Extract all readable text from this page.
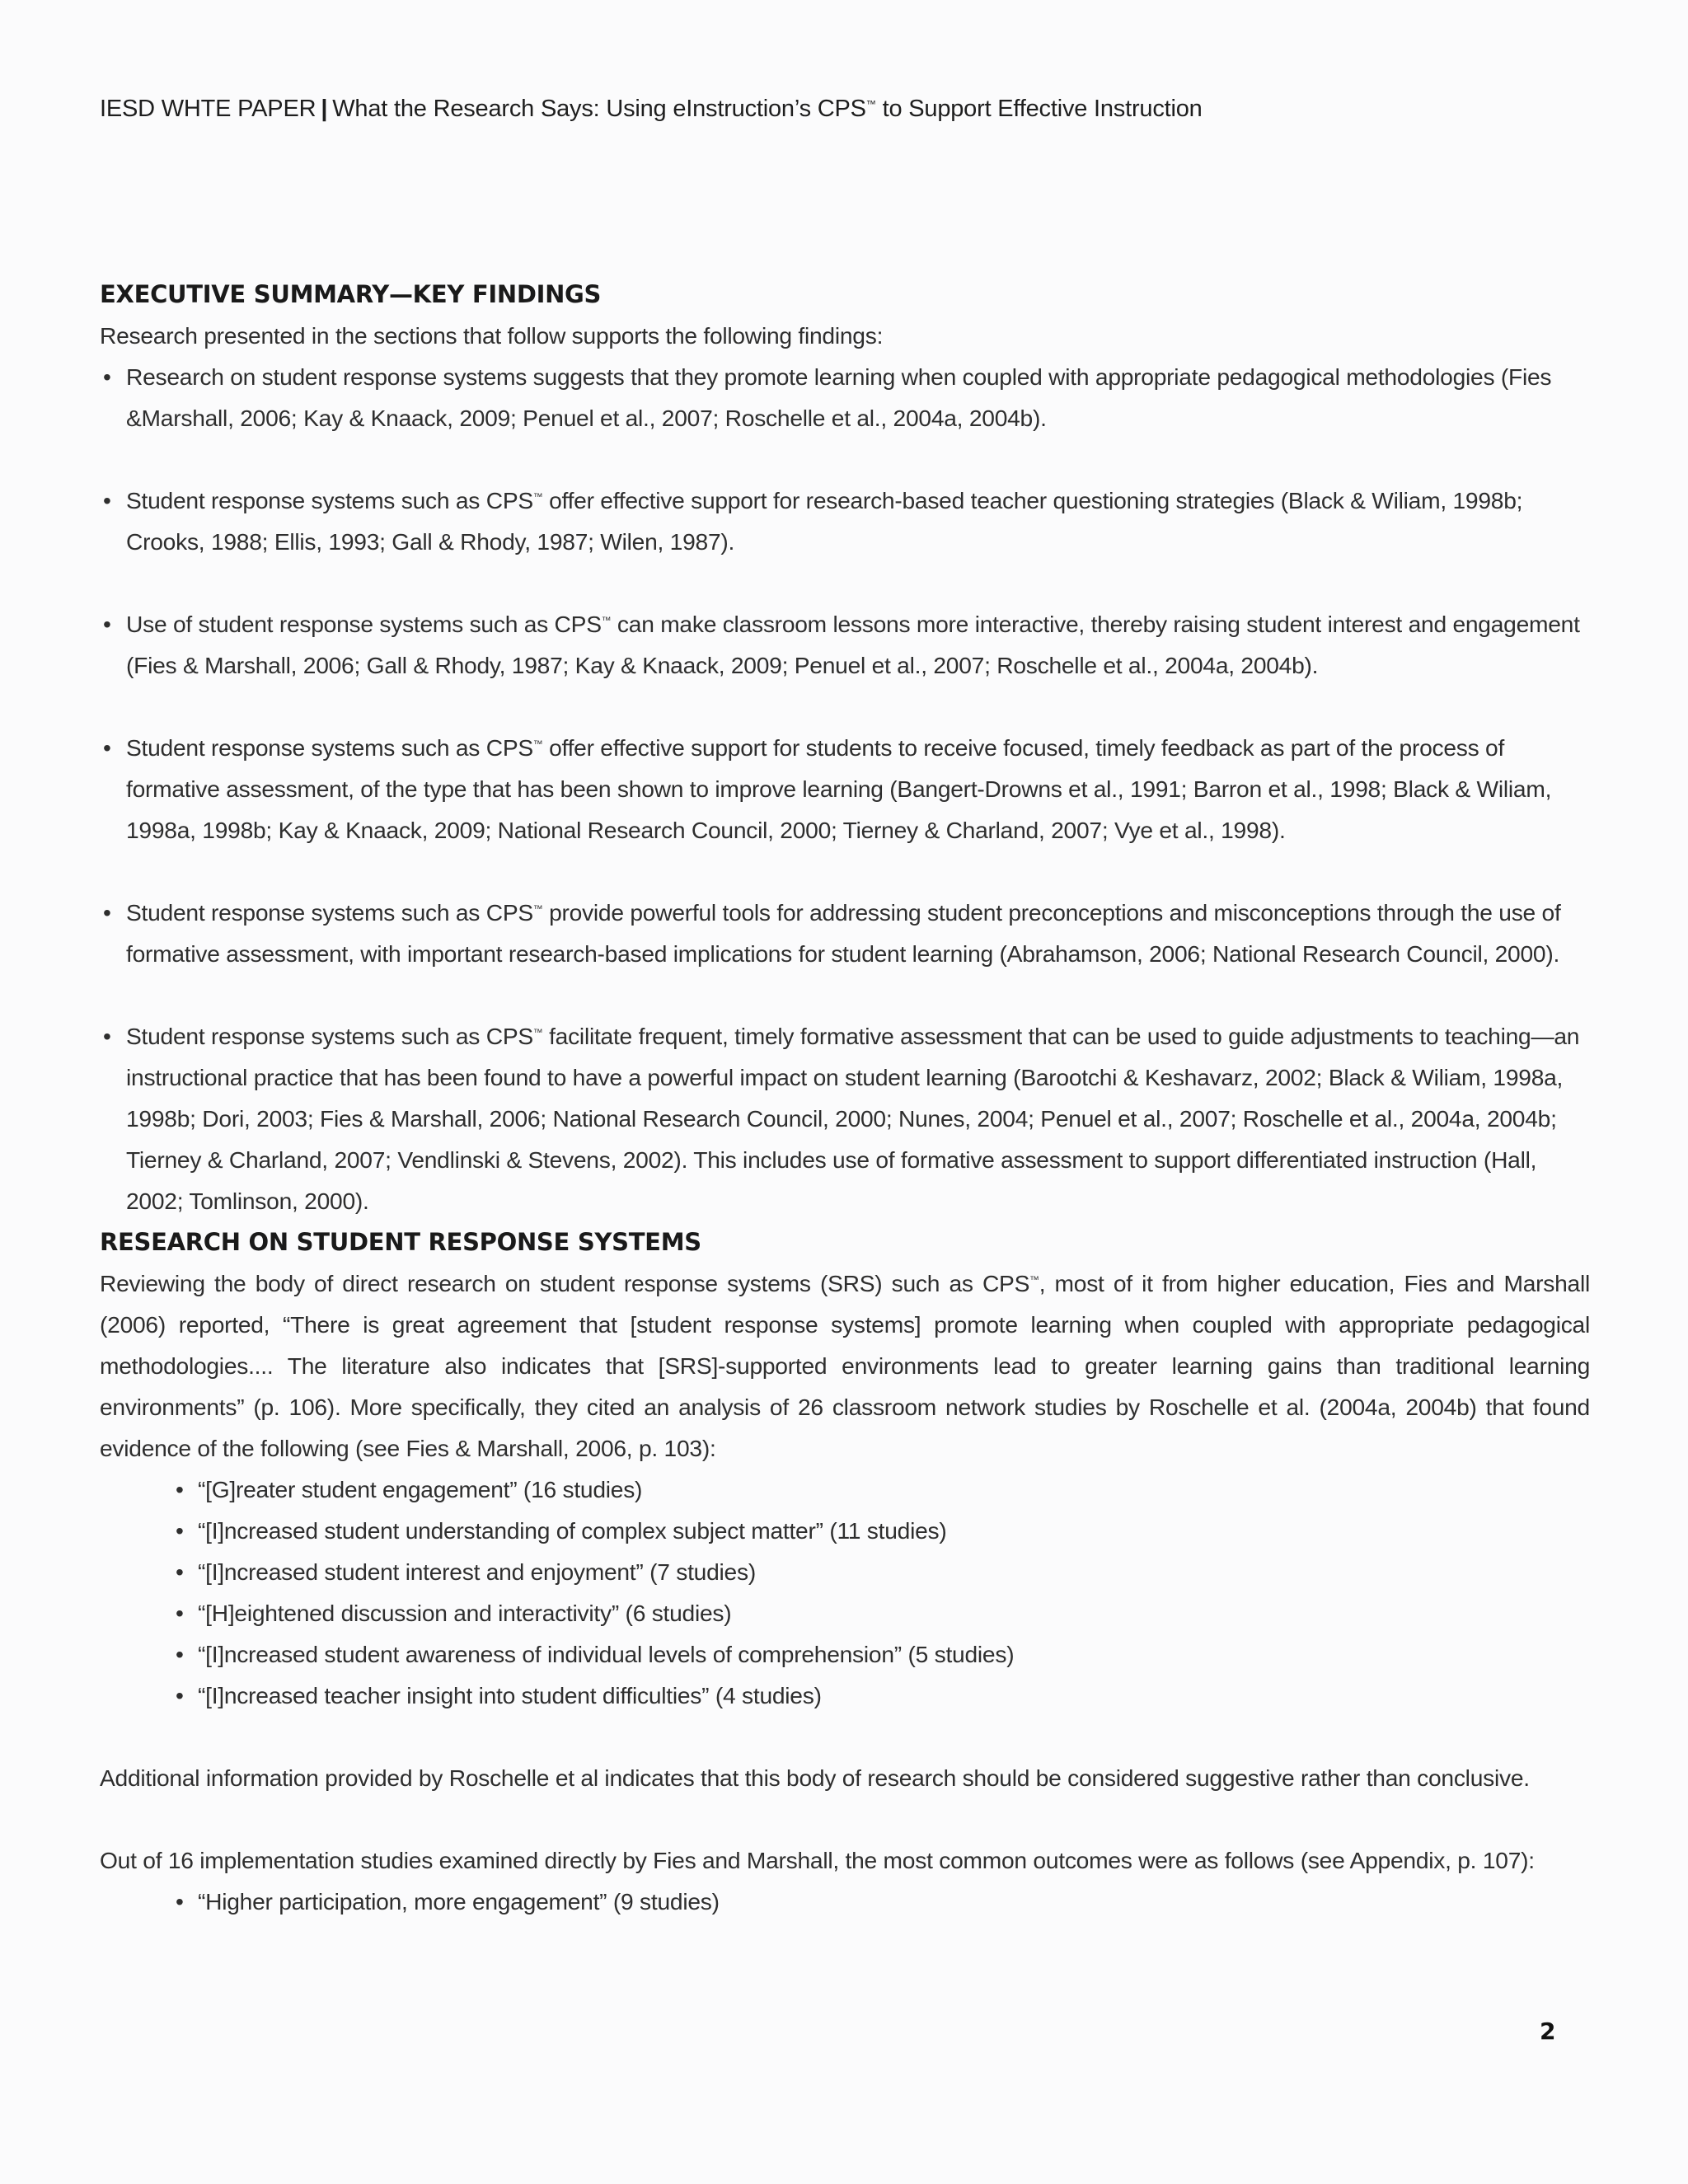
IESD WHTE PAPER | What the Research Says: Using eInstruction’s CPS™ to Support Effective Instruction
EXECUTIVE SUMMARY—KEY FINDINGS

Research presented in the sections that follow supports the following findings:

• Research on student response systems suggests that they promote learning when coupled with appropriate pedagogical methodologies (Fies &Marshall, 2006; Kay & Knaack, 2009; Penuel et al., 2007; Roschelle et al., 2004a, 2004b).
• Student response systems such as CPS™ offer effective support for research-based teacher questioning strategies (Black & Wiliam, 1998b; Crooks, 1988; Ellis, 1993; Gall & Rhody, 1987; Wilen, 1987).
• Use of student response systems such as CPS™ can make classroom lessons more interactive, thereby raising student interest and engagement (Fies & Marshall, 2006; Gall & Rhody, 1987; Kay & Knaack, 2009; Penuel et al., 2007; Roschelle et al., 2004a, 2004b).
• Student response systems such as CPS™ offer effective support for students to receive focused, timely feedback as part of the process of formative assessment, of the type that has been shown to improve learning (Bangert-Drowns et al., 1991; Barron et al., 1998; Black & Wiliam, 1998a, 1998b; Kay & Knaack, 2009; National Research Council, 2000; Tierney & Charland, 2007; Vye et al., 1998).
• Student response systems such as CPS™ provide powerful tools for addressing student preconceptions and misconceptions through the use of formative assessment, with important research-based implications for student learning (Abrahamson, 2006; National Research Council, 2000).
• Student response systems such as CPS™ facilitate frequent, timely formative assessment that can be used to guide adjustments to teaching—an instructional practice that has been found to have a powerful impact on student learning (Barootchi & Keshavarz, 2002; Black & Wiliam, 1998a, 1998b; Dori, 2003; Fies & Marshall, 2006; National Research Council, 2000; Nunes, 2004; Penuel et al., 2007; Roschelle et al., 2004a, 2004b; Tierney & Charland, 2007; Vendlinski & Stevens, 2002). This includes use of formative assessment to support differentiated instruction (Hall, 2002; Tomlinson, 2000).
RESEARCH ON STUDENT RESPONSE SYSTEMS

Reviewing the body of direct research on student response systems (SRS) such as CPS™, most of it from higher education, Fies and Marshall (2006) reported, “There is great agreement that [student response systems] promote learning when coupled with appropriate pedagogical methodologies.... The literature also indicates that [SRS]-supported environments lead to greater learning gains than traditional learning environments” (p. 106). More specifically, they cited an analysis of 26 classroom network studies by Roschelle et al. (2004a, 2004b) that found evidence of the following (see Fies & Marshall, 2006, p. 103):

• “[G]reater student engagement” (16 studies)
• “[I]ncreased student understanding of complex subject matter” (11 studies)
• “[I]ncreased student interest and enjoyment” (7 studies)
• “[H]eightened discussion and interactivity” (6 studies)
• “[I]ncreased student awareness of individual levels of comprehension” (5 studies)
• “[I]ncreased teacher insight into student difficulties” (4 studies)

Additional information provided by Roschelle et al indicates that this body of research should be considered suggestive rather than conclusive.

Out of 16 implementation studies examined directly by Fies and Marshall, the most common outcomes were as follows (see Appendix, p. 107):

• “Higher participation, more engagement” (9 studies)
2
